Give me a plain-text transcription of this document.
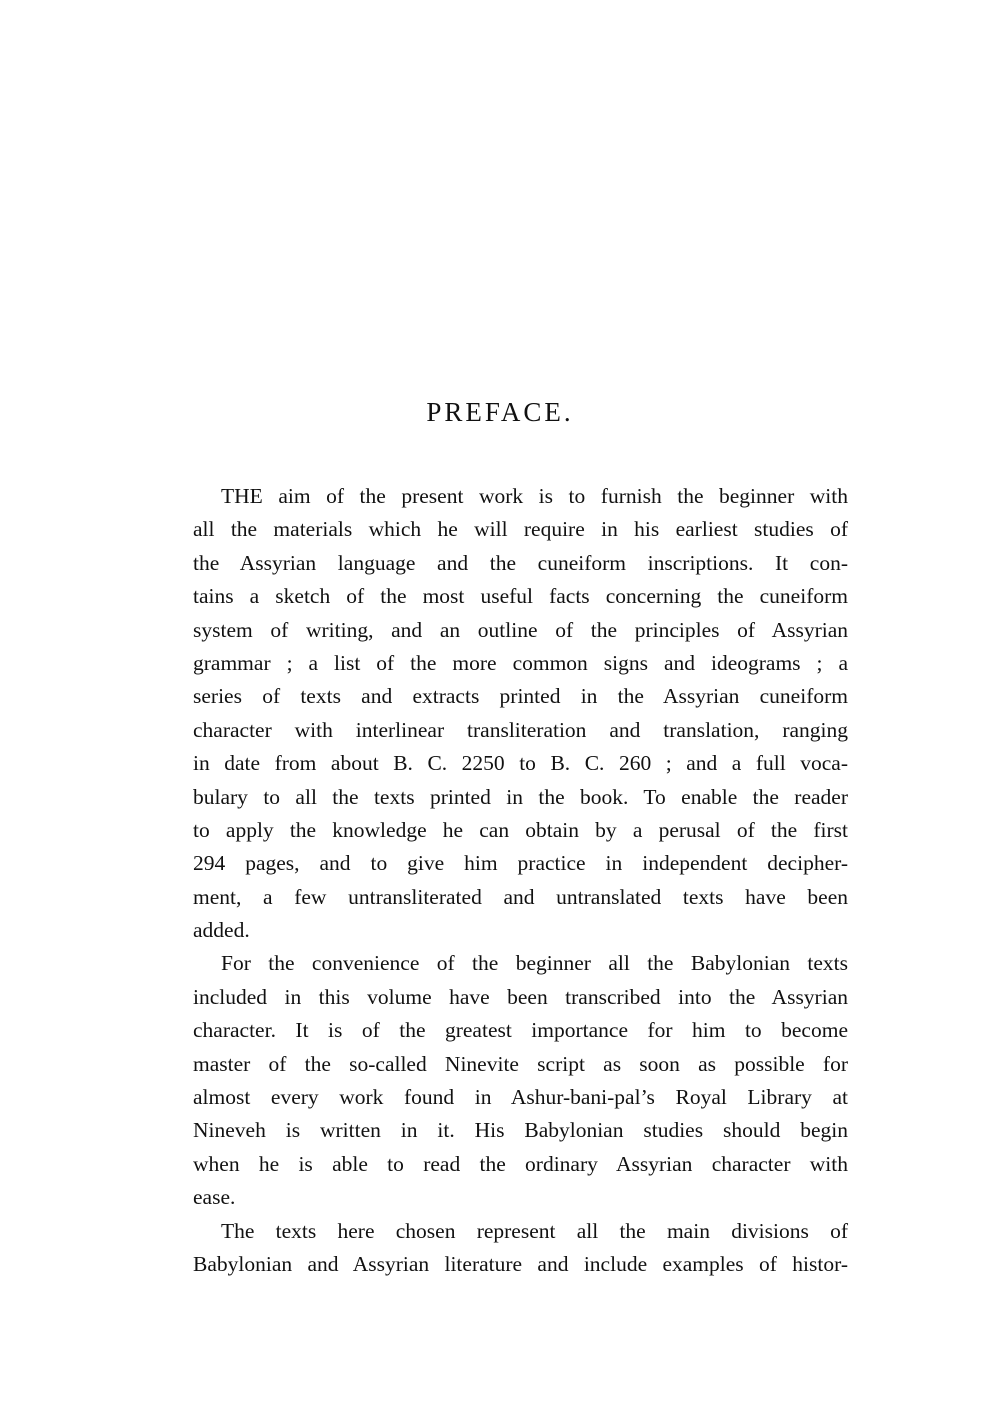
PREFACE.
THE aim of the present work is to furnish the beginner with
all the materials which he will require in his earliest studies of
the Assyrian language and the cuneiform inscriptions. It con-
tains a sketch of the most useful facts concerning the cuneiform
system of writing, and an outline of the principles of Assyrian
grammar ; a list of the more common signs and ideograms ; a
series of texts and extracts printed in the Assyrian cuneiform
character with interlinear transliteration and translation, ranging
in date from about B. C. 2250 to B. C. 260 ; and a full voca-
bulary to all the texts printed in the book. To enable the reader
to apply the knowledge he can obtain by a perusal of the first
294 pages, and to give him practice in independent decipher-
ment, a few untransliterated and untranslated texts have been
added.
For the convenience of the beginner all the Babylonian texts
included in this volume have been transcribed into the Assyrian
character. It is of the greatest importance for him to become
master of the so-called Ninevite script as soon as possible for
almost every work found in Ashur-bani-pal’s Royal Library at
Nineveh is written in it. His Babylonian studies should begin
when he is able to read the ordinary Assyrian character with
ease.
The texts here chosen represent all the main divisions of
Babylonian and Assyrian literature and include examples of histor-
